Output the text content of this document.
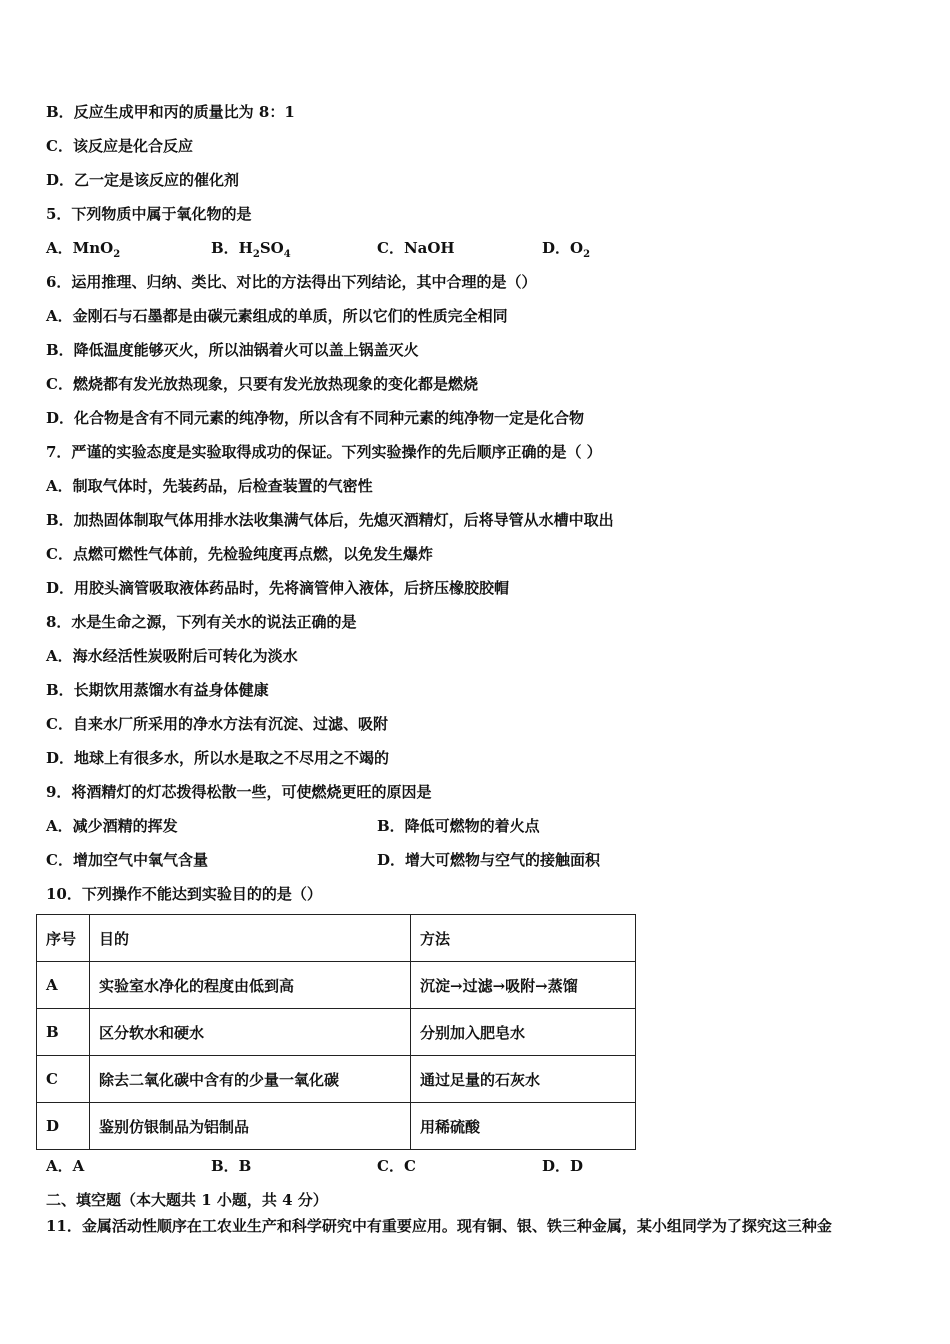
B．反应生成甲和丙的质量比为 8：1
C．该反应是化合反应
D．乙一定是该反应的催化剂
5．下列物质中属于氧化物的是
A．MnO$_2$	B．$H_2SO_4$	C．NaOH	D．$O_2$
6．运用推理、归纳、类比、对比的方法得出下列结论，其中合理的是（）
A．金刚石与石墨都是由碳元素组成的单质，所以它们的性质完全相同
B．降低温度能够灭火，所以油锅着火可以盖上锅盖灭火
C．燃烧都有发光放热现象，只要有发光放热现象的变化都是燃烧
D．化合物是含有不同元素的纯净物，所以含有不同种元素的纯净物一定是化合物
7．严谨的实验态度是实验取得成功的保证。下列实验操作的先后顺序正确的是（ ）
A．制取气体时，先装药品，后检查装置的气密性
B．加热固体制取气体用排水法收集满气体后，先熄灭酒精灯，后将导管从水槽中取出
C．点燃可燃性气体前，先检验纯度再点燃，以免发生爆炸
D．用胶头滴管吸取液体药品时，先将滴管伸入液体，后挤压橡胶胶帽
8．水是生命之源，下列有关水的说法正确的是
A．海水经活性炭吸附后可转化为淡水
B．长期饮用蒸馏水有益身体健康
C．自来水厂所采用的净水方法有沉淀、过滤、吸附
D．地球上有很多水，所以水是取之不尽用之不竭的
9．将酒精灯的灯芯拨得松散一些，可使燃烧更旺的原因是
A．减少酒精的挥发	B．降低可燃物的着火点
C．增加空气中氧气含量	D．增大可燃物与空气的接触面积
10．下列操作不能达到实验目的的是（）
序号	目的	方法
A	实验室水净化的程度由低到高	沉淀→过滤→吸附→蒸馏
B	区分软水和硬水	分别加入肥皂水
C	除去二氧化碳中含有的少量一氧化碳	通过足量的石灰水
D	鉴别仿银制品为铝制品	用稀硫酸
A．A	B．B	C．C	D．D
二、填空题（本大题共 1 小题，共 4 分）
11．金属活动性顺序在工农业生产和科学研究中有重要应用。现有铜、银、铁三种金属，某小组同学为了探究这三种金
